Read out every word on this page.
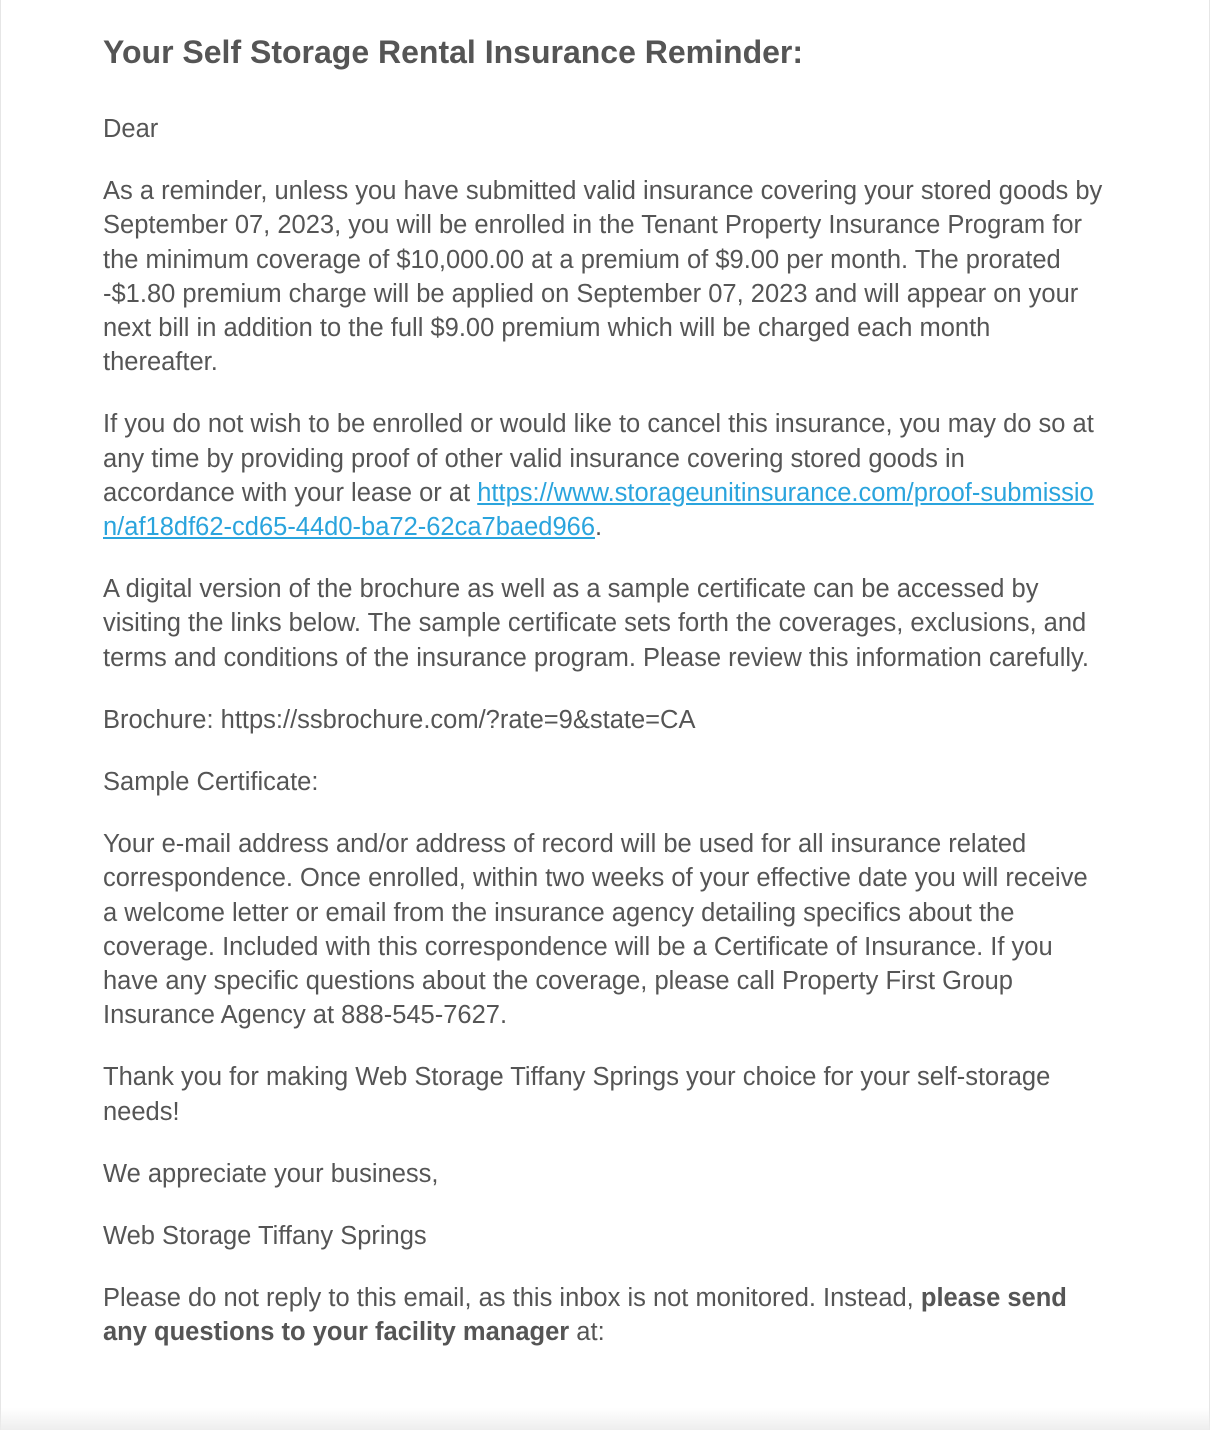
Your Self Storage Rental Insurance Reminder:

Dear

As a reminder, unless you have submitted valid insurance covering your stored goods by September 07, 2023, you will be enrolled in the Tenant Property Insurance Program for the minimum coverage of $10,000.00 at a premium of $9.00 per month. The prorated -$1.80 premium charge will be applied on September 07, 2023 and will appear on your next bill in addition to the full $9.00 premium which will be charged each month thereafter.

If you do not wish to be enrolled or would like to cancel this insurance, you may do so at any time by providing proof of other valid insurance covering stored goods in accordance with your lease or at https://www.storageunitinsurance.com/proof-submission/af18df62-cd65-44d0-ba72-62ca7baed966.

A digital version of the brochure as well as a sample certificate can be accessed by visiting the links below. The sample certificate sets forth the coverages, exclusions, and terms and conditions of the insurance program. Please review this information carefully.

Brochure: https://ssbrochure.com/?rate=9&state=CA

Sample Certificate:

Your e-mail address and/or address of record will be used for all insurance related correspondence. Once enrolled, within two weeks of your effective date you will receive a welcome letter or email from the insurance agency detailing specifics about the coverage. Included with this correspondence will be a Certificate of Insurance. If you have any specific questions about the coverage, please call Property First Group Insurance Agency at 888-545-7627.

Thank you for making Web Storage Tiffany Springs your choice for your self-storage needs!

We appreciate your business,

Web Storage Tiffany Springs

Please do not reply to this email, as this inbox is not monitored. Instead, please send any questions to your facility manager at:
